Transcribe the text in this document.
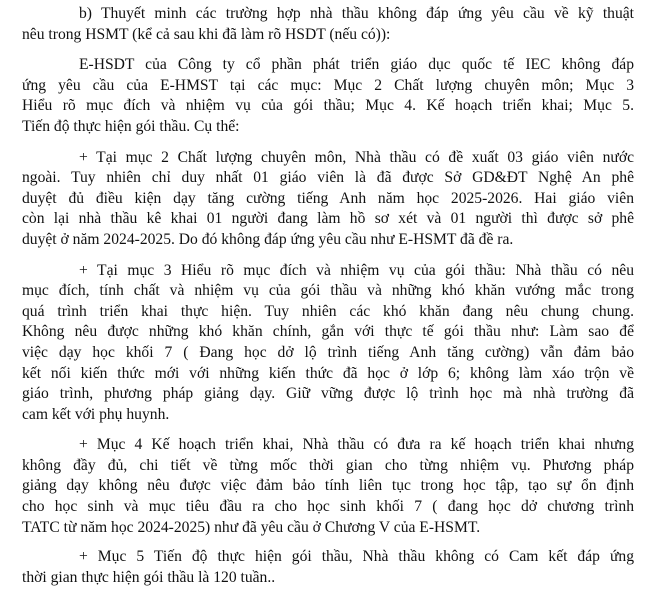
b) Thuyết minh các trường hợp nhà thầu không đáp ứng yêu cầu về kỹ thuật
nêu trong HSMT (kể cả sau khi đã làm rõ HSDT (nếu có)):
E-HSDT của Công ty cổ phần phát triển giáo dục quốc tế IEC không đáp
ứng yêu cầu của E-HMST tại các mục: Mục 2 Chất lượng chuyên môn; Mục 3
Hiểu rõ mục đích và nhiệm vụ của gói thầu; Mục 4. Kế hoạch triển khai; Mục 5.
Tiến độ thực hiện gói thầu. Cụ thể:
+ Tại mục 2 Chất lượng chuyên môn, Nhà thầu có đề xuất 03 giáo viên nước
ngoài. Tuy nhiên chỉ duy nhất 01 giáo viên là đã được Sở GD&ĐT Nghệ An phê
duyệt đủ điều kiện dạy tăng cường tiếng Anh năm học 2025-2026. Hai giáo viên
còn lại nhà thầu kê khai 01 người đang làm hồ sơ xét và 01 người thì được sở phê
duyệt ở năm 2024-2025. Do đó không đáp ứng yêu cầu như E-HSMT đã đề ra.
+ Tại mục 3 Hiểu rõ mục đích và nhiệm vụ của gói thầu: Nhà thầu có nêu
mục đích, tính chất và nhiệm vụ của gói thầu và những khó khăn vướng mắc trong
quá trình triển khai thực hiện. Tuy nhiên các khó khăn đang nêu chung chung.
Không nêu được những khó khăn chính, gắn với thực tế gói thầu như: Làm sao để
việc dạy học khối 7 ( Đang học dở lộ trình tiếng Anh tăng cường) vẫn đảm bảo
kết nối kiến thức mới với những kiến thức đã học ở lớp 6; không làm xáo trộn về
giáo trình, phương pháp giảng dạy. Giữ vững được lộ trình học mà nhà trường đã
cam kết với phụ huynh.
+ Mục 4 Kế hoạch triển khai, Nhà thầu có đưa ra kế hoạch triển khai nhưng
không đầy đủ, chi tiết về từng mốc thời gian cho từng nhiệm vụ. Phương pháp
giảng dạy không nêu được việc đảm bảo tính liên tục trong học tập, tạo sự ổn định
cho học sinh và mục tiêu đầu ra cho học sinh khối 7 ( đang học dở chương trình
TATC từ năm học 2024-2025) như đã yêu cầu ở Chương V của E-HSMT.
+ Mục 5 Tiến độ thực hiện gói thầu, Nhà thầu không có Cam kết đáp ứng
thời gian thực hiện gói thầu là 120 tuần..
